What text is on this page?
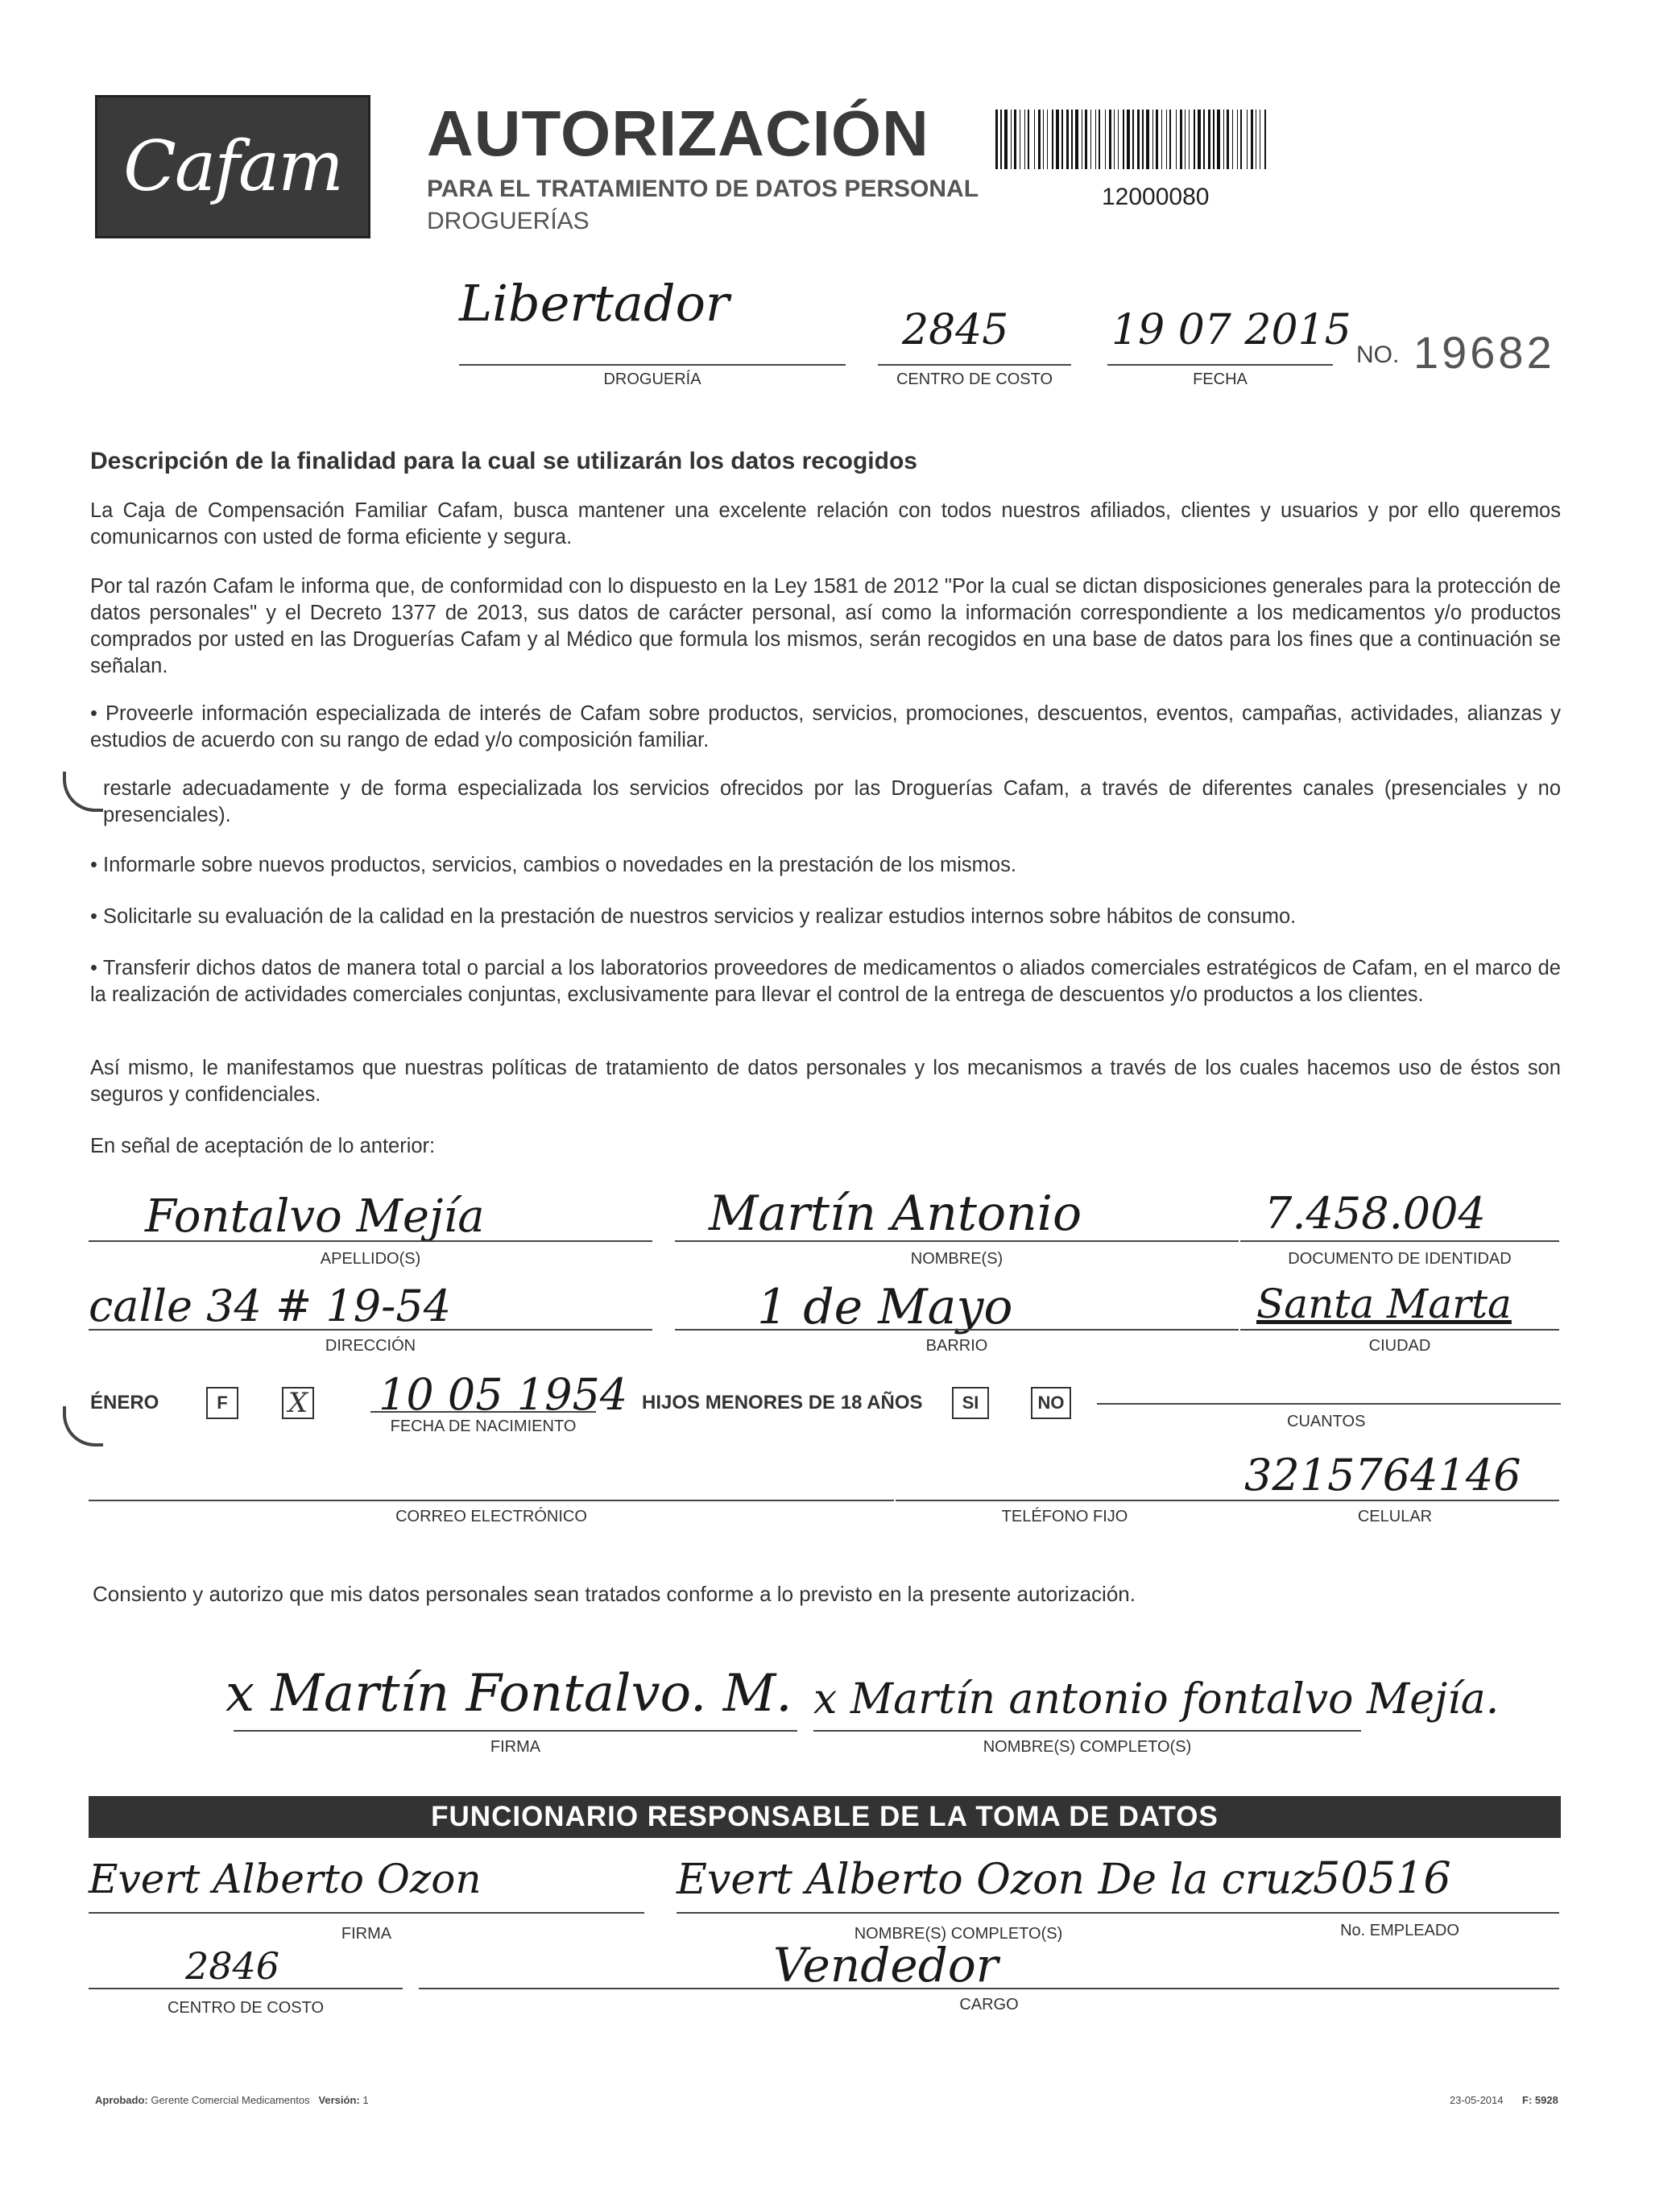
Cafam AUTORIZACIÓN
PARA EL TRATAMIENTO DE DATOS PERSONAL
DROGUERÍAS
12000080
Libertador
DROGUERÍA
2845
CENTRO DE COSTO
19 07 2015
FECHA
NO. 19682
Descripción de la finalidad para la cual se utilizarán los datos recogidos
La Caja de Compensación Familiar Cafam, busca mantener una excelente relación con todos nuestros afiliados, clientes y usuarios y por ello queremos comunicarnos con usted de forma eficiente y segura.
Por tal razón Cafam le informa que, de conformidad con lo dispuesto en la Ley 1581 de 2012 "Por la cual se dictan disposiciones generales para la protección de datos personales" y el Decreto 1377 de 2013, sus datos de carácter personal, así como la información correspondiente a los medicamentos y/o productos comprados por usted en las Droguerías Cafam y al Médico que formula los mismos, serán recogidos en una base de datos para los fines que a continuación se señalan.
• Proveerle información especializada de interés de Cafam sobre productos, servicios, promociones, descuentos, eventos, campañas, actividades, alianzas y estudios de acuerdo con su rango de edad y/o composición familiar.
restarle adecuadamente y de forma especializada los servicios ofrecidos por las Droguerías Cafam, a través de diferentes canales (presenciales y no presenciales).
• Informarle sobre nuevos productos, servicios, cambios o novedades en la prestación de los mismos.
• Solicitarle su evaluación de la calidad en la prestación de nuestros servicios y realizar estudios internos sobre hábitos de consumo.
• Transferir dichos datos de manera total o parcial a los laboratorios proveedores de medicamentos o aliados comerciales estratégicos de Cafam, en el marco de la realización de actividades comerciales conjuntas, exclusivamente para llevar el control de la entrega de descuentos y/o productos a los clientes.
Así mismo, le manifestamos que nuestras políticas de tratamiento de datos personales y los mecanismos a través de los cuales hacemos uso de éstos son seguros y confidenciales.
En señal de aceptación de lo anterior:
Fontalvo Mejía
APELLIDO(S)
Martín Antonio
NOMBRE(S)
7.458.004
DOCUMENTO DE IDENTIDAD
calle 34 # 19-54
DIRECCIÓN
1 de Mayo
BARRIO
Santa Marta
CIUDAD
ÉNERO	F	X 10 05 1954
FECHA DE NACIMIENTO
HIJOS MENORES DE 18 AÑOS	SI	NO
CUANTOS
CORREO ELECTRÓNICO	TELÉFONO FIJO
3215764146
CELULAR
Consiento y autorizo que mis datos personales sean tratados conforme a lo previsto en la presente autorización.
x Martín Fontalvo. M.
FIRMA
x Martín antonio fontalvo Mejía.
NOMBRE(S) COMPLETO(S)
FUNCIONARIO RESPONSABLE DE LA TOMA DE DATOS
Evert Alberto Ozon
FIRMA
Evert Alberto Ozon De la cruz
NOMBRE(S) COMPLETO(S)
50516
No. EMPLEADO
2846
CENTRO DE COSTO
Vendedor
CARGO
Aprobado: Gerente Comercial Medicamentos Versión: 1	23-05-2014 F: 5928
